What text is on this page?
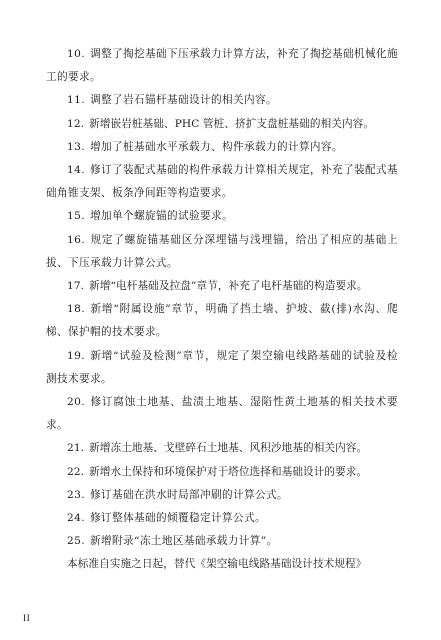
10. 调整了掏挖基础下压承载力计算方法，补充了掏挖基础机械化施工的要求。

11. 调整了岩石锚杆基础设计的相关内容。

12. 新增嵌岩桩基础、PHC 管桩、挤扩支盘桩基础的相关内容。

13. 增加了桩基础水平承载力、构件承载力的计算内容。

14. 修订了装配式基础的构件承载力计算相关规定，补充了装配式基础角锥支架、板条净间距等构造要求。

15. 增加单个螺旋锚的试验要求。

16. 规定了螺旋锚基础区分深埋锚与浅埋锚，给出了相应的基础上拔、下压承载力计算公式。

17. 新增“电杆基础及拉盘”章节，补充了电杆基础的构造要求。

18. 新增“附属设施”章节，明确了挡土墙、护坡、截(排)水沟、爬梯、保护帽的技术要求。

19. 新增“试验及检测”章节，规定了架空输电线路基础的试验及检测技术要求。

20. 修订腐蚀土地基、盐渍土地基、湿陷性黄土地基的相关技术要求。

21. 新增冻土地基、戈壁碎石土地基、风积沙地基的相关内容。

22. 新增水土保持和环境保护对于塔位选择和基础设计的要求。

23. 修订基础在洪水时局部冲刷的计算公式。

24. 修订整体基础的倾覆稳定计算公式。

25. 新增附录“冻土地区基础承载力计算”。

本标准自实施之日起，替代《架空输电线路基础设计技术规程》

II
